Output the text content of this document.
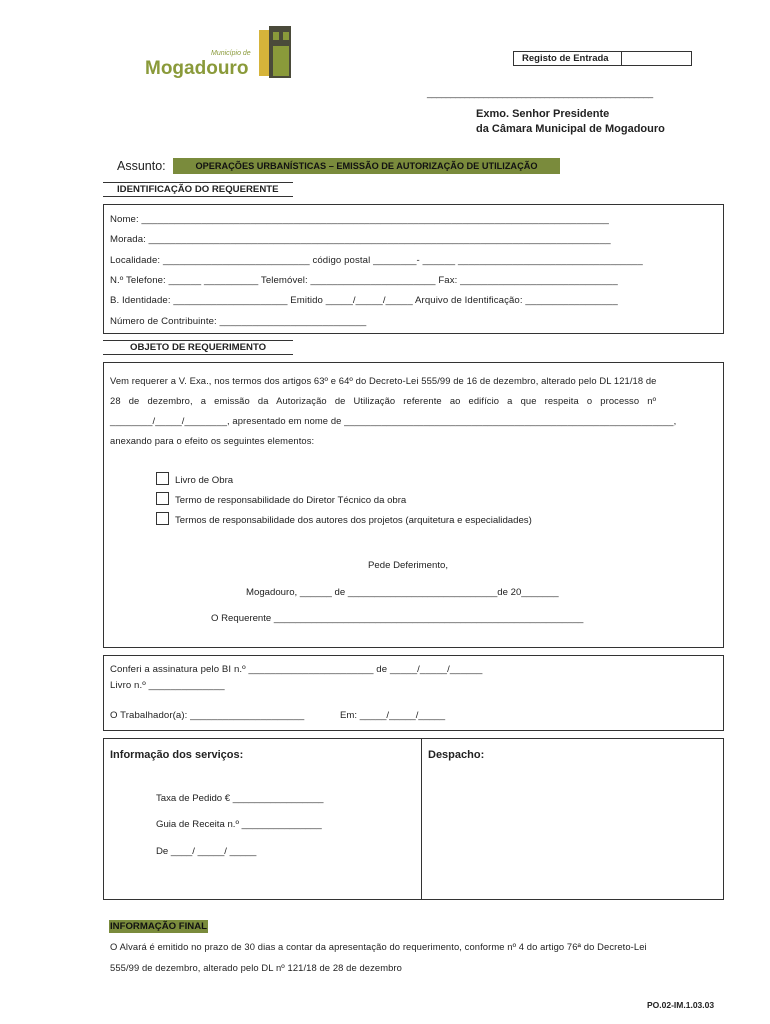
Município de
Mogadouro	Registo de Entrada
________________________________________________
Exmo. Senhor Presidente
da Câmara Municipal de Mogadouro
Assunto:	OPERAÇÕES URBANÍSTICAS – EMISSÃO DE AUTORIZAÇÃO DE UTILIZAÇÃO
IDENTIFICAÇÃO DO REQUERENTE
Nome: ______________________________________________________________________________________
Morada: _____________________________________________________________________________________
Localidade: ___________________________ código postal ________- ______ __________________________________
N.º Telefone: ______ __________ Telemóvel: _______________________ Fax: _____________________________
B. Identidade: _____________________ Emitido _____/_____/_____ Arquivo de Identificação: _________________
Número de Contribuinte: ___________________________
OBJETO DE REQUERIMENTO
Vem requerer a V. Exa., nos termos dos artigos 63º e 64º do Decreto-Lei 555/99 de 16 de dezembro, alterado pelo DL 121/18 de
28 de dezembro, a emissão da Autorização de Utilização referente ao edifício a que respeita o processo nº
________/_____/________, apresentado em nome de ______________________________________________________________,
anexando para o efeito os seguintes elementos:
Livro de Obra
Termo de responsabilidade do Diretor Técnico da obra
Termos de responsabilidade dos autores dos projetos (arquitetura e especialidades)
Pede Deferimento,
Mogadouro, ______ de ____________________________de 20_______
O Requerente __________________________________________________________
Conferi a assinatura pelo BI n.º _______________________ de _____/_____/______
Livro n.º ______________
O Trabalhador(a): _____________________	Em: _____/_____/_____
Informação dos serviços:	Despacho:
Taxa de Pedido € _________________
Guia de Receita n.º _______________
De ____/ _____/ _____
INFORMAÇÃO FINAL
O Alvará é emitido no prazo de 30 dias a contar da apresentação do requerimento, conforme nº 4 do artigo 76ª do Decreto-Lei
555/99 de dezembro, alterado pelo DL nº 121/18 de 28 de dezembro
PO.02-IM.1.03.03
